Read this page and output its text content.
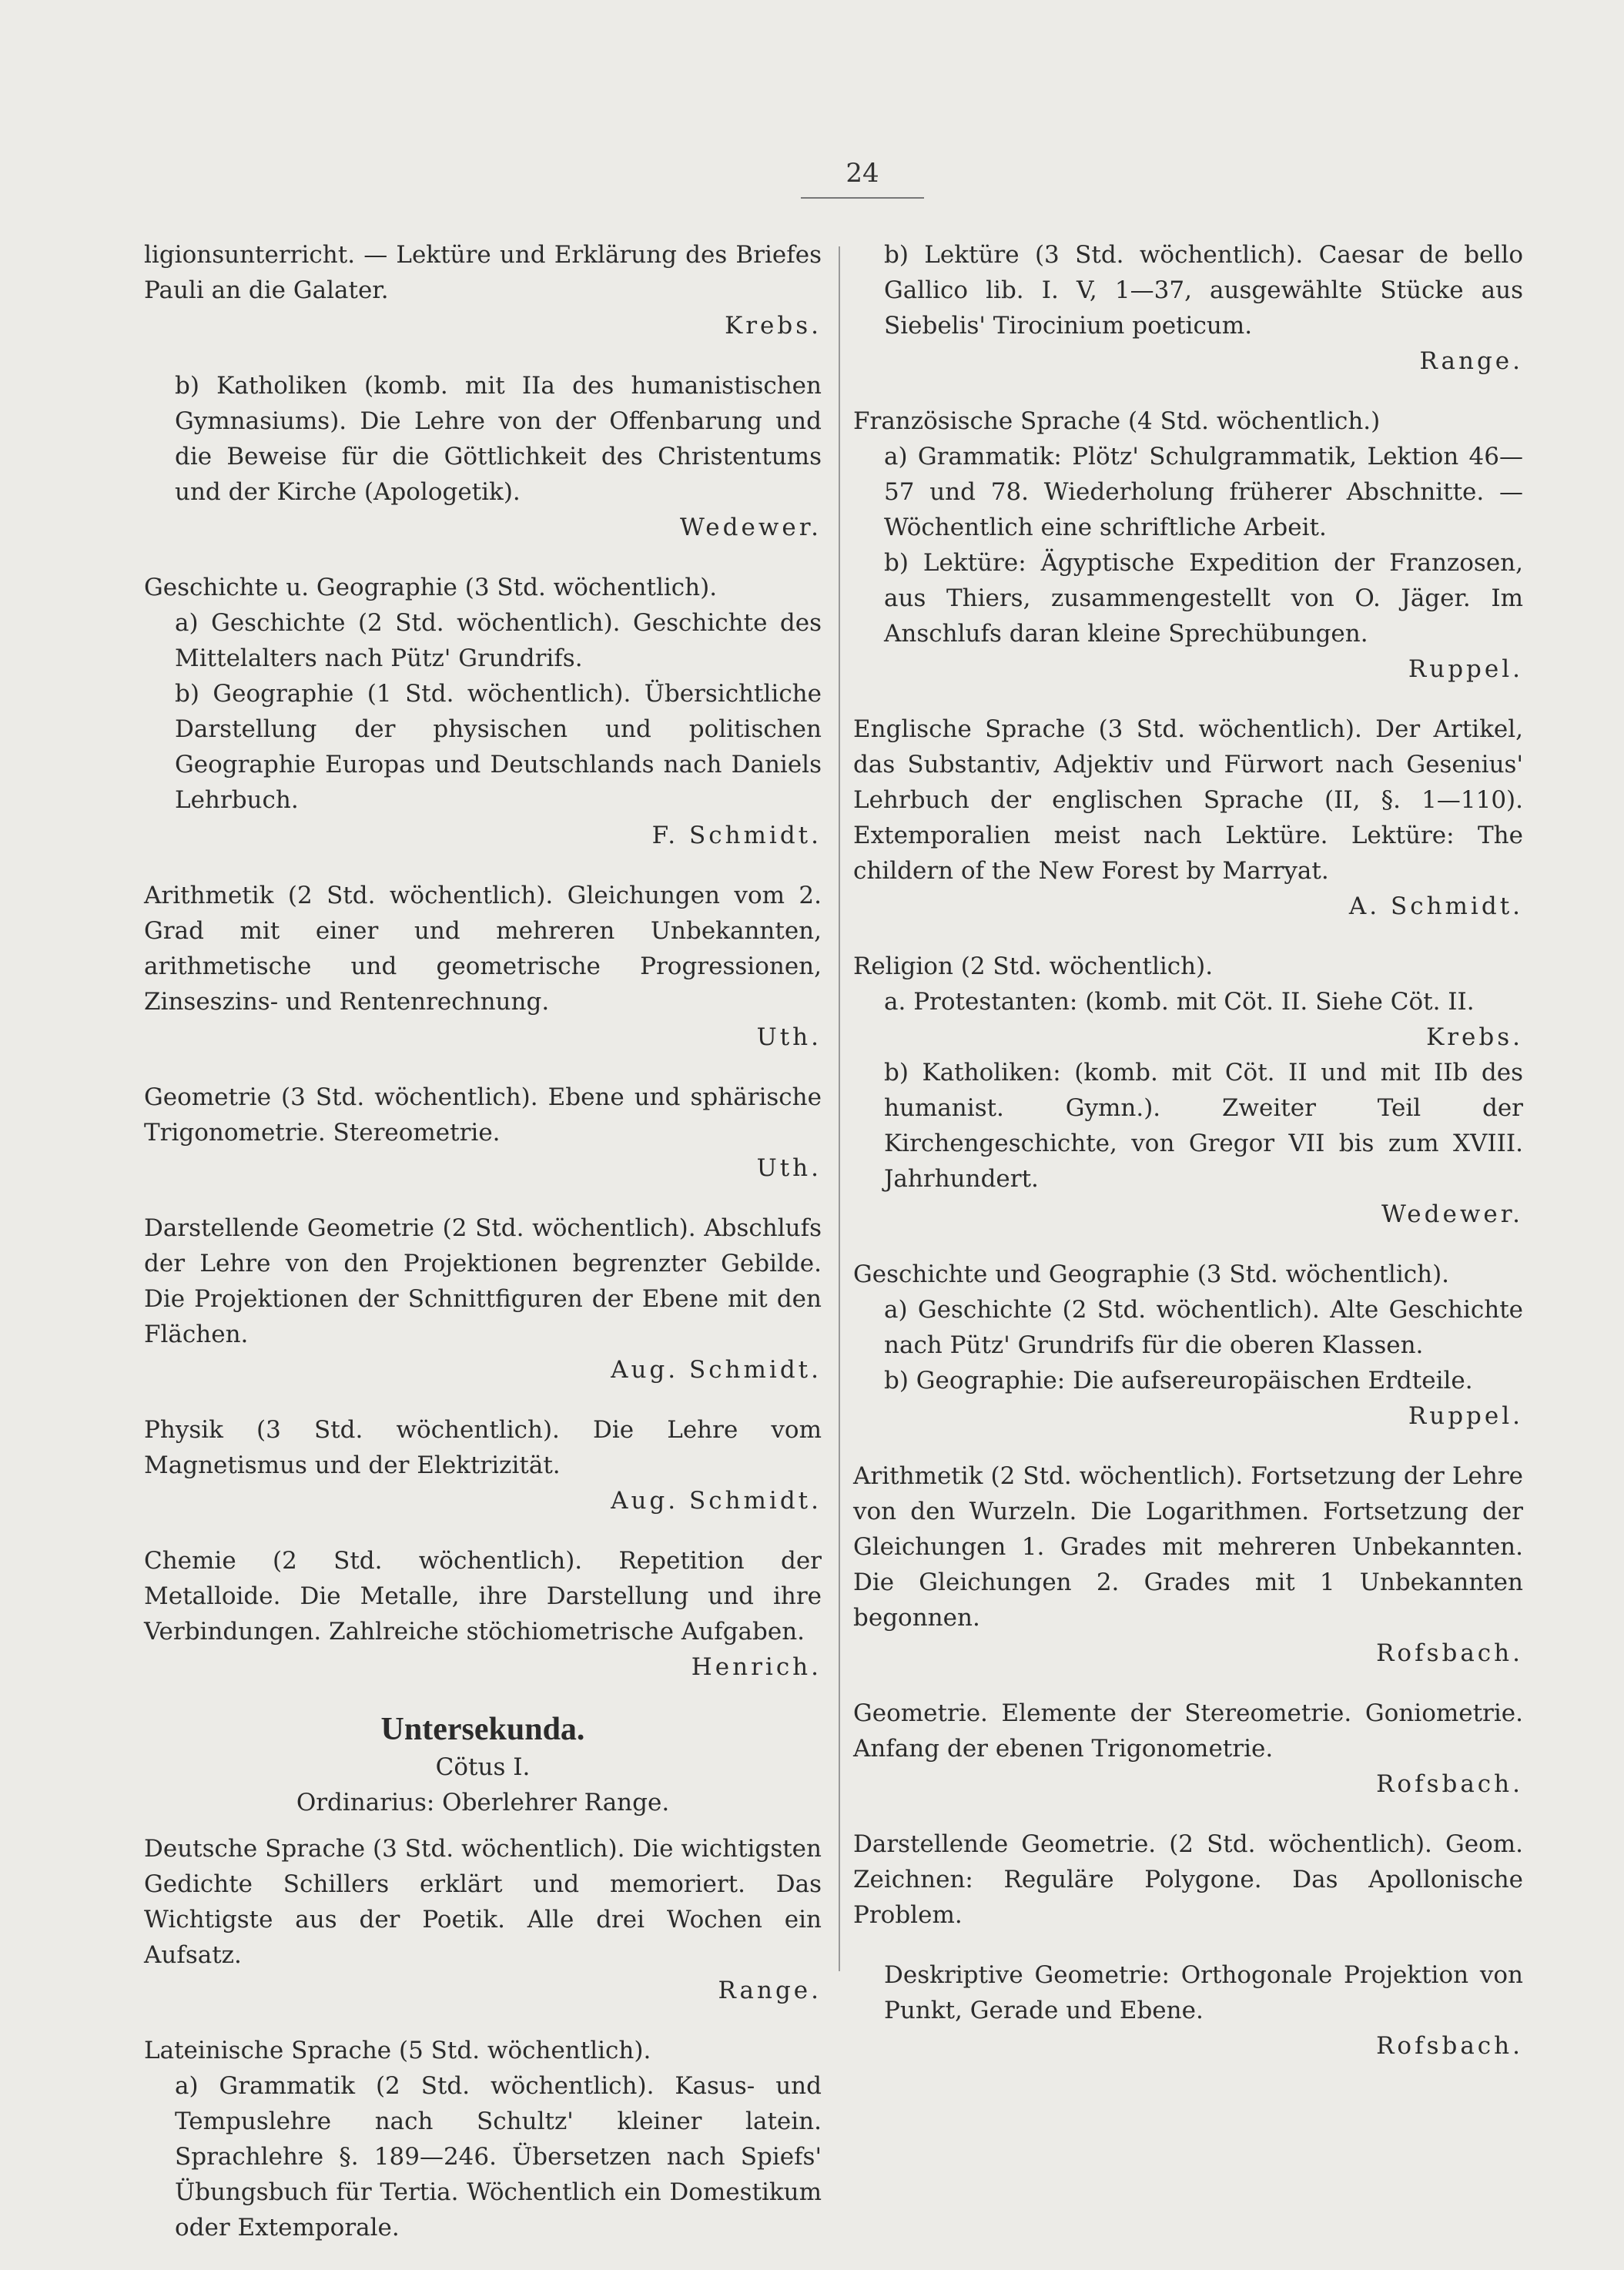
24
ligionsunterricht. — Lektüre und Erklärung des Briefes Pauli an die Galater.
Krebs.
b) Katholiken (komb. mit IIa des humanistischen Gymnasiums). Die Lehre von der Offenbarung und die Beweise für die Göttlichkeit des Christentums und der Kirche (Apologetik).
Wedewer.
Geschichte u. Geographie (3 Std. wöchentlich).
a) Geschichte (2 Std. wöchentlich). Geschichte des Mittelalters nach Pütz' Grundrifs.
b) Geographie (1 Std. wöchentlich). Übersichtliche Darstellung der physischen und politischen Geographie Europas und Deutschlands nach Daniels Lehrbuch.
F. Schmidt.
Arithmetik (2 Std. wöchentlich). Gleichungen vom 2. Grad mit einer und mehreren Unbekannten, arithmetische und geometrische Progressionen, Zinseszins- und Rentenrechnung.
Uth.
Geometrie (3 Std. wöchentlich). Ebene und sphärische Trigonometrie. Stereometrie.
Uth.
Darstellende Geometrie (2 Std. wöchentlich). Abschlufs der Lehre von den Projektionen begrenzter Gebilde. Die Projektionen der Schnittfiguren der Ebene mit den Flächen.
Aug. Schmidt.
Physik (3 Std. wöchentlich). Die Lehre vom Magnetismus und der Elektrizität.
Aug. Schmidt.
Chemie (2 Std. wöchentlich). Repetition der Metalloide. Die Metalle, ihre Darstellung und ihre Verbindungen. Zahlreiche stöchiometrische Aufgaben.
Henrich.
Untersekunda.
Cötus I.
Ordinarius: Oberlehrer Range.
Deutsche Sprache (3 Std. wöchentlich). Die wichtigsten Gedichte Schillers erklärt und memoriert. Das Wichtigste aus der Poetik. Alle drei Wochen ein Aufsatz.
Range.
Lateinische Sprache (5 Std. wöchentlich).
a) Grammatik (2 Std. wöchentlich). Kasus- und Tempuslehre nach Schultz' kleiner latein. Sprachlehre §. 189—246. Übersetzen nach Spiefs' Übungsbuch für Tertia. Wöchentlich ein Domestikum oder Extemporale.
b) Lektüre (3 Std. wöchentlich). Caesar de bello Gallico lib. I. V, 1—37, ausgewählte Stücke aus Siebelis' Tirocinium poeticum.
Range.
Französische Sprache (4 Std. wöchentlich.)
a) Grammatik: Plötz' Schulgrammatik, Lektion 46—57 und 78. Wiederholung früherer Abschnitte. — Wöchentlich eine schriftliche Arbeit.
b) Lektüre: Ägyptische Expedition der Franzosen, aus Thiers, zusammengestellt von O. Jäger. Im Anschlufs daran kleine Sprechübungen.
Ruppel.
Englische Sprache (3 Std. wöchentlich). Der Artikel, das Substantiv, Adjektiv und Fürwort nach Gesenius' Lehrbuch der englischen Sprache (II, §. 1—110). Extemporalien meist nach Lektüre. Lektüre: The childern of the New Forest by Marryat.
A. Schmidt.
Religion (2 Std. wöchentlich).
a. Protestanten: (komb. mit Cöt. II. Siehe Cöt. II.
Krebs.
b) Katholiken: (komb. mit Cöt. II und mit IIb des humanist. Gymn.). Zweiter Teil der Kirchengeschichte, von Gregor VII bis zum XVIII. Jahrhundert.
Wedewer.
Geschichte und Geographie (3 Std. wöchentlich).
a) Geschichte (2 Std. wöchentlich). Alte Geschichte nach Pütz' Grundrifs für die oberen Klassen.
b) Geographie: Die aufsereuropäischen Erdteile.
Ruppel.
Arithmetik (2 Std. wöchentlich). Fortsetzung der Lehre von den Wurzeln. Die Logarithmen. Fortsetzung der Gleichungen 1. Grades mit mehreren Unbekannten. Die Gleichungen 2. Grades mit 1 Unbekannten begonnen.
Rofsbach.
Geometrie. Elemente der Stereometrie. Goniometrie. Anfang der ebenen Trigonometrie.
Rofsbach.
Darstellende Geometrie. (2 Std. wöchentlich). Geom. Zeichnen: Reguläre Polygone. Das Apollonische Problem.
Deskriptive Geometrie: Orthogonale Projektion von Punkt, Gerade und Ebene.
Rofsbach.
